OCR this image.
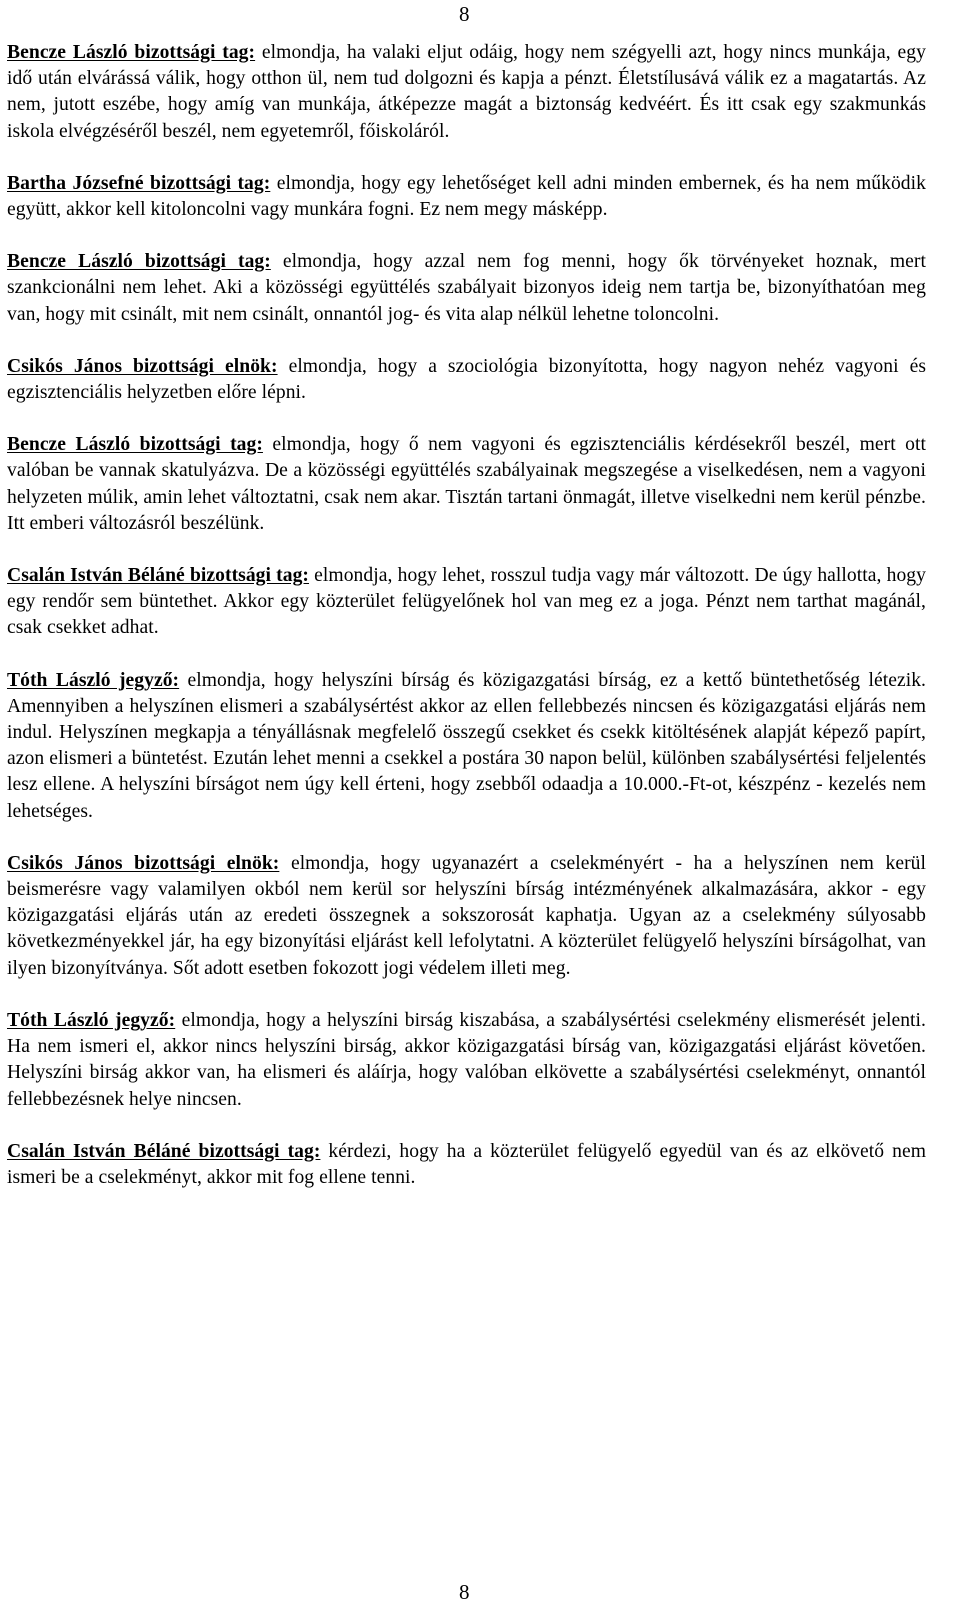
8

Bencze László bizottsági tag: elmondja, ha valaki eljut odáig, hogy nem szégyelli azt, hogy nincs munkája, egy idő után elvárássá válik, hogy otthon ül, nem tud dolgozni és kapja a pénzt. Életstílusává válik ez a magatartás. Az nem, jutott eszébe, hogy amíg van munkája, átképezze magát a biztonság kedvéért. És itt csak egy szakmunkás iskola elvégzéséről beszél, nem egyetemről, főiskoláról.

Bartha Józsefné bizottsági tag: elmondja, hogy egy lehetőséget kell adni minden embernek, és ha nem működik együtt, akkor kell kitoloncolni vagy munkára fogni. Ez nem megy másképp.

Bencze László bizottsági tag: elmondja, hogy azzal nem fog menni, hogy ők törvényeket hoznak, mert szankcionálni nem lehet. Aki a közösségi együttélés szabályait bizonyos ideig nem tartja be, bizonyíthatóan meg van, hogy mit csinált, mit nem csinált, onnantól jog- és vita alap nélkül lehetne toloncolni.

Csikós János bizottsági elnök: elmondja, hogy a szociológia bizonyította, hogy nagyon nehéz vagyoni és egzisztenciális helyzetben előre lépni.

Bencze László bizottsági tag: elmondja, hogy ő nem vagyoni és egzisztenciális kérdésekről beszél, mert ott valóban be vannak skatulyázva. De a közösségi együttélés szabályainak megszegése a viselkedésen, nem a vagyoni helyzeten múlik, amin lehet változtatni, csak nem akar. Tisztán tartani önmagát, illetve viselkedni nem kerül pénzbe. Itt emberi változásról beszélünk.

Csalán István Béláné bizottsági tag: elmondja, hogy lehet, rosszul tudja vagy már változott. De úgy hallotta, hogy egy rendőr sem büntethet. Akkor egy közterület felügyelőnek hol van meg ez a joga. Pénzt nem tarthat magánál, csak csekket adhat.

Tóth László jegyző: elmondja, hogy helyszíni bírság és közigazgatási bírság, ez a kettő büntethetőség létezik. Amennyiben a helyszínen elismeri a szabálysértést akkor az ellen fellebbezés nincsen és közigazgatási eljárás nem indul. Helyszínen megkapja a tényállásnak megfelelő összegű csekket és csekk kitöltésének alapját képező papírt, azon elismeri a büntetést. Ezután lehet menni a csekkel a postára 30 napon belül, különben szabálysértési feljelentés lesz ellene. A helyszíni bírságot nem úgy kell érteni, hogy zsebből odaadja a 10.000.-Ft-ot, készpénz - kezelés nem lehetséges.

Csikós János bizottsági elnök: elmondja, hogy ugyanazért a cselekményért - ha a helyszínen nem kerül beismerésre vagy valamilyen okból nem kerül sor helyszíni bírság intézményének alkalmazására, akkor - egy közigazgatási eljárás után az eredeti összegnek a sokszorosát kaphatja. Ugyan az a cselekmény súlyosabb következményekkel jár, ha egy bizonyítási eljárást kell lefolytatni. A közterület felügyelő helyszíni bírságolhat, van ilyen bizonyítványa. Sőt adott esetben fokozott jogi védelem illeti meg.

Tóth László jegyző: elmondja, hogy a helyszíni birság kiszabása, a szabálysértési cselekmény elismerését jelenti. Ha nem ismeri el, akkor nincs helyszíni birság, akkor közigazgatási bírság van, közigazgatási eljárást követően. Helyszíni birság akkor van, ha elismeri és aláírja, hogy valóban elkövette a szabálysértési cselekményt, onnantól fellebbezésnek helye nincsen.

Csalán István Béláné bizottsági tag: kérdezi, hogy ha a közterület felügyelő egyedül van és az elkövető nem ismeri be a cselekményt, akkor mit fog ellene tenni.

8
